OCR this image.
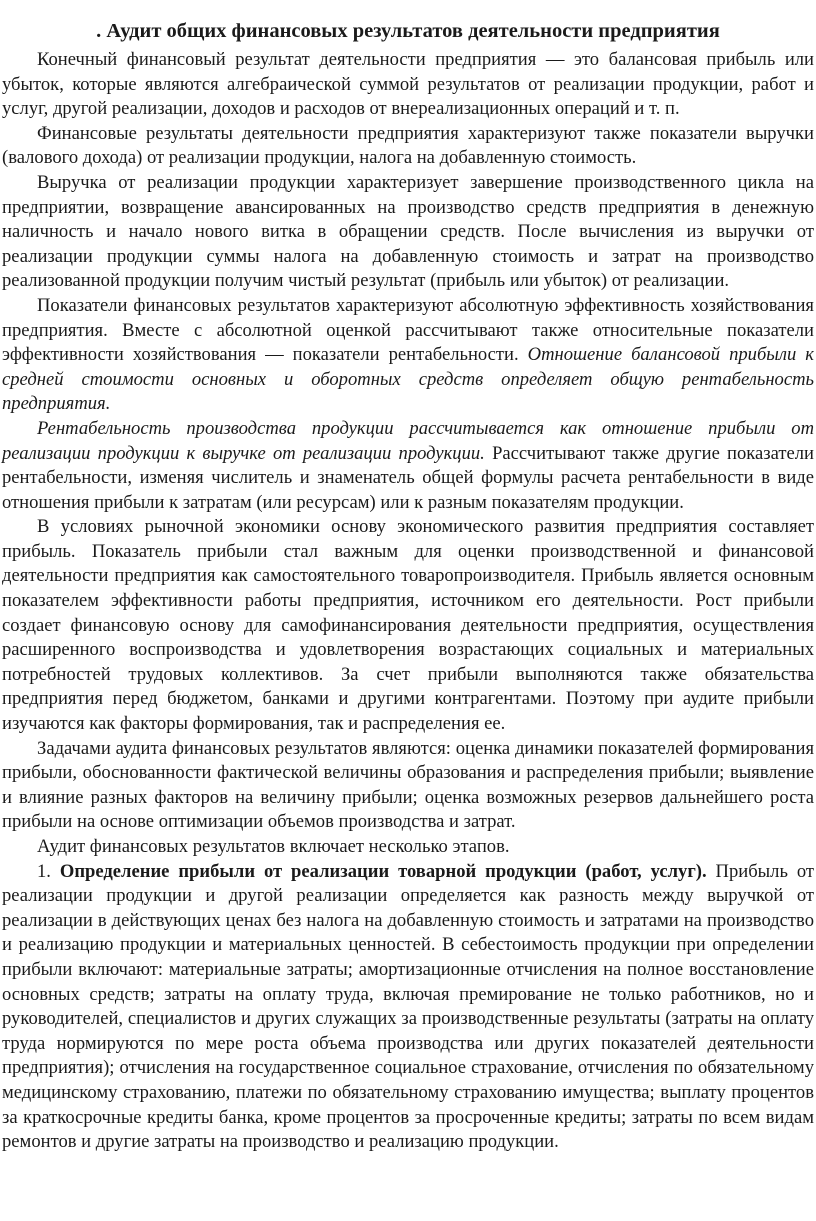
. Аудит общих финансовых результатов деятельности предприятия

Конечный финансовый результат деятельности предприятия — это балансовая прибыль или убыток, которые являются алгебраической суммой результатов от реализации продукции, работ и услуг, другой реализации, доходов и расходов от внереализационных операций и т. п.

Финансовые результаты деятельности предприятия характеризуют также показатели выручки (валового дохода) от реализации продукции, налога на добавленную стоимость.

Выручка от реализации продукции характеризует завершение производственного цикла на предприятии, возвращение авансированных на производство средств предприятия в денежную наличность и начало нового витка в обращении средств. После вычисления из выручки от реализации продукции суммы налога на добавленную стоимость и затрат на производство реализованной продукции получим чистый результат (прибыль или убыток) от реализации.

Показатели финансовых результатов характеризуют абсолютную эффективность хозяйствования предприятия. Вместе с абсолютной оценкой рассчитывают также относительные показатели эффективности хозяйствования — показатели рентабельности. Отношение балансовой прибыли к средней стоимости основных и оборотных средств определяет общую рентабельность предприятия.

Рентабельность производства продукции рассчитывается как отношение прибыли от реализации продукции к выручке от реализации продукции. Рассчитывают также другие показатели рентабельности, изменяя числитель и знаменатель общей формулы расчета рентабельности в виде отношения прибыли к затратам (или ресурсам) или к разным показателям продукции.

В условиях рыночной экономики основу экономического развития предприятия составляет прибыль. Показатель прибыли стал важным для оценки производственной и финансовой деятельности предприятия как самостоятельного товаропроизводителя. Прибыль является основным показателем эффективности работы предприятия, источником его деятельности. Рост прибыли создает финансовую основу для самофинансирования деятельности предприятия, осуществления расширенного воспроизводства и удовлетворения возрастающих социальных и материальных потребностей трудовых коллективов. За счет прибыли выполняются также обязательства предприятия перед бюджетом, банками и другими контрагентами. Поэтому при аудите прибыли изучаются как факторы формирования, так и распределения ее.

Задачами аудита финансовых результатов являются: оценка динамики показателей формирования прибыли, обоснованности фактической величины образования и распределения прибыли; выявление и влияние разных факторов на величину прибыли; оценка возможных резервов дальнейшего роста прибыли на основе оптимизации объемов производства и затрат.

Аудит финансовых результатов включает несколько этапов.

1. Определение прибыли от реализации товарной продукции (работ, услуг). Прибыль от реализации продукции и другой реализации определяется как разность между выручкой от реализации в действующих ценах без налога на добавленную стоимость и затратами на производство и реализацию продукции и материальных ценностей. В себестоимость продукции при определении прибыли включают: материальные затраты; амортизационные отчисления на полное восстановление основных средств; затраты на оплату труда, включая премирование не только работников, но и руководителей, специалистов и других служащих за производственные результаты (затраты на оплату труда нормируются по мере роста объема производства или других показателей деятельности предприятия); отчисления на государственное социальное страхование, отчисления по обязательному медицинскому страхованию, платежи по обязательному страхованию имущества; выплату процентов за краткосрочные кредиты банка, кроме процентов за просроченные кредиты; затраты по всем видам ремонтов и другие затраты на производство и реализацию продукции.
